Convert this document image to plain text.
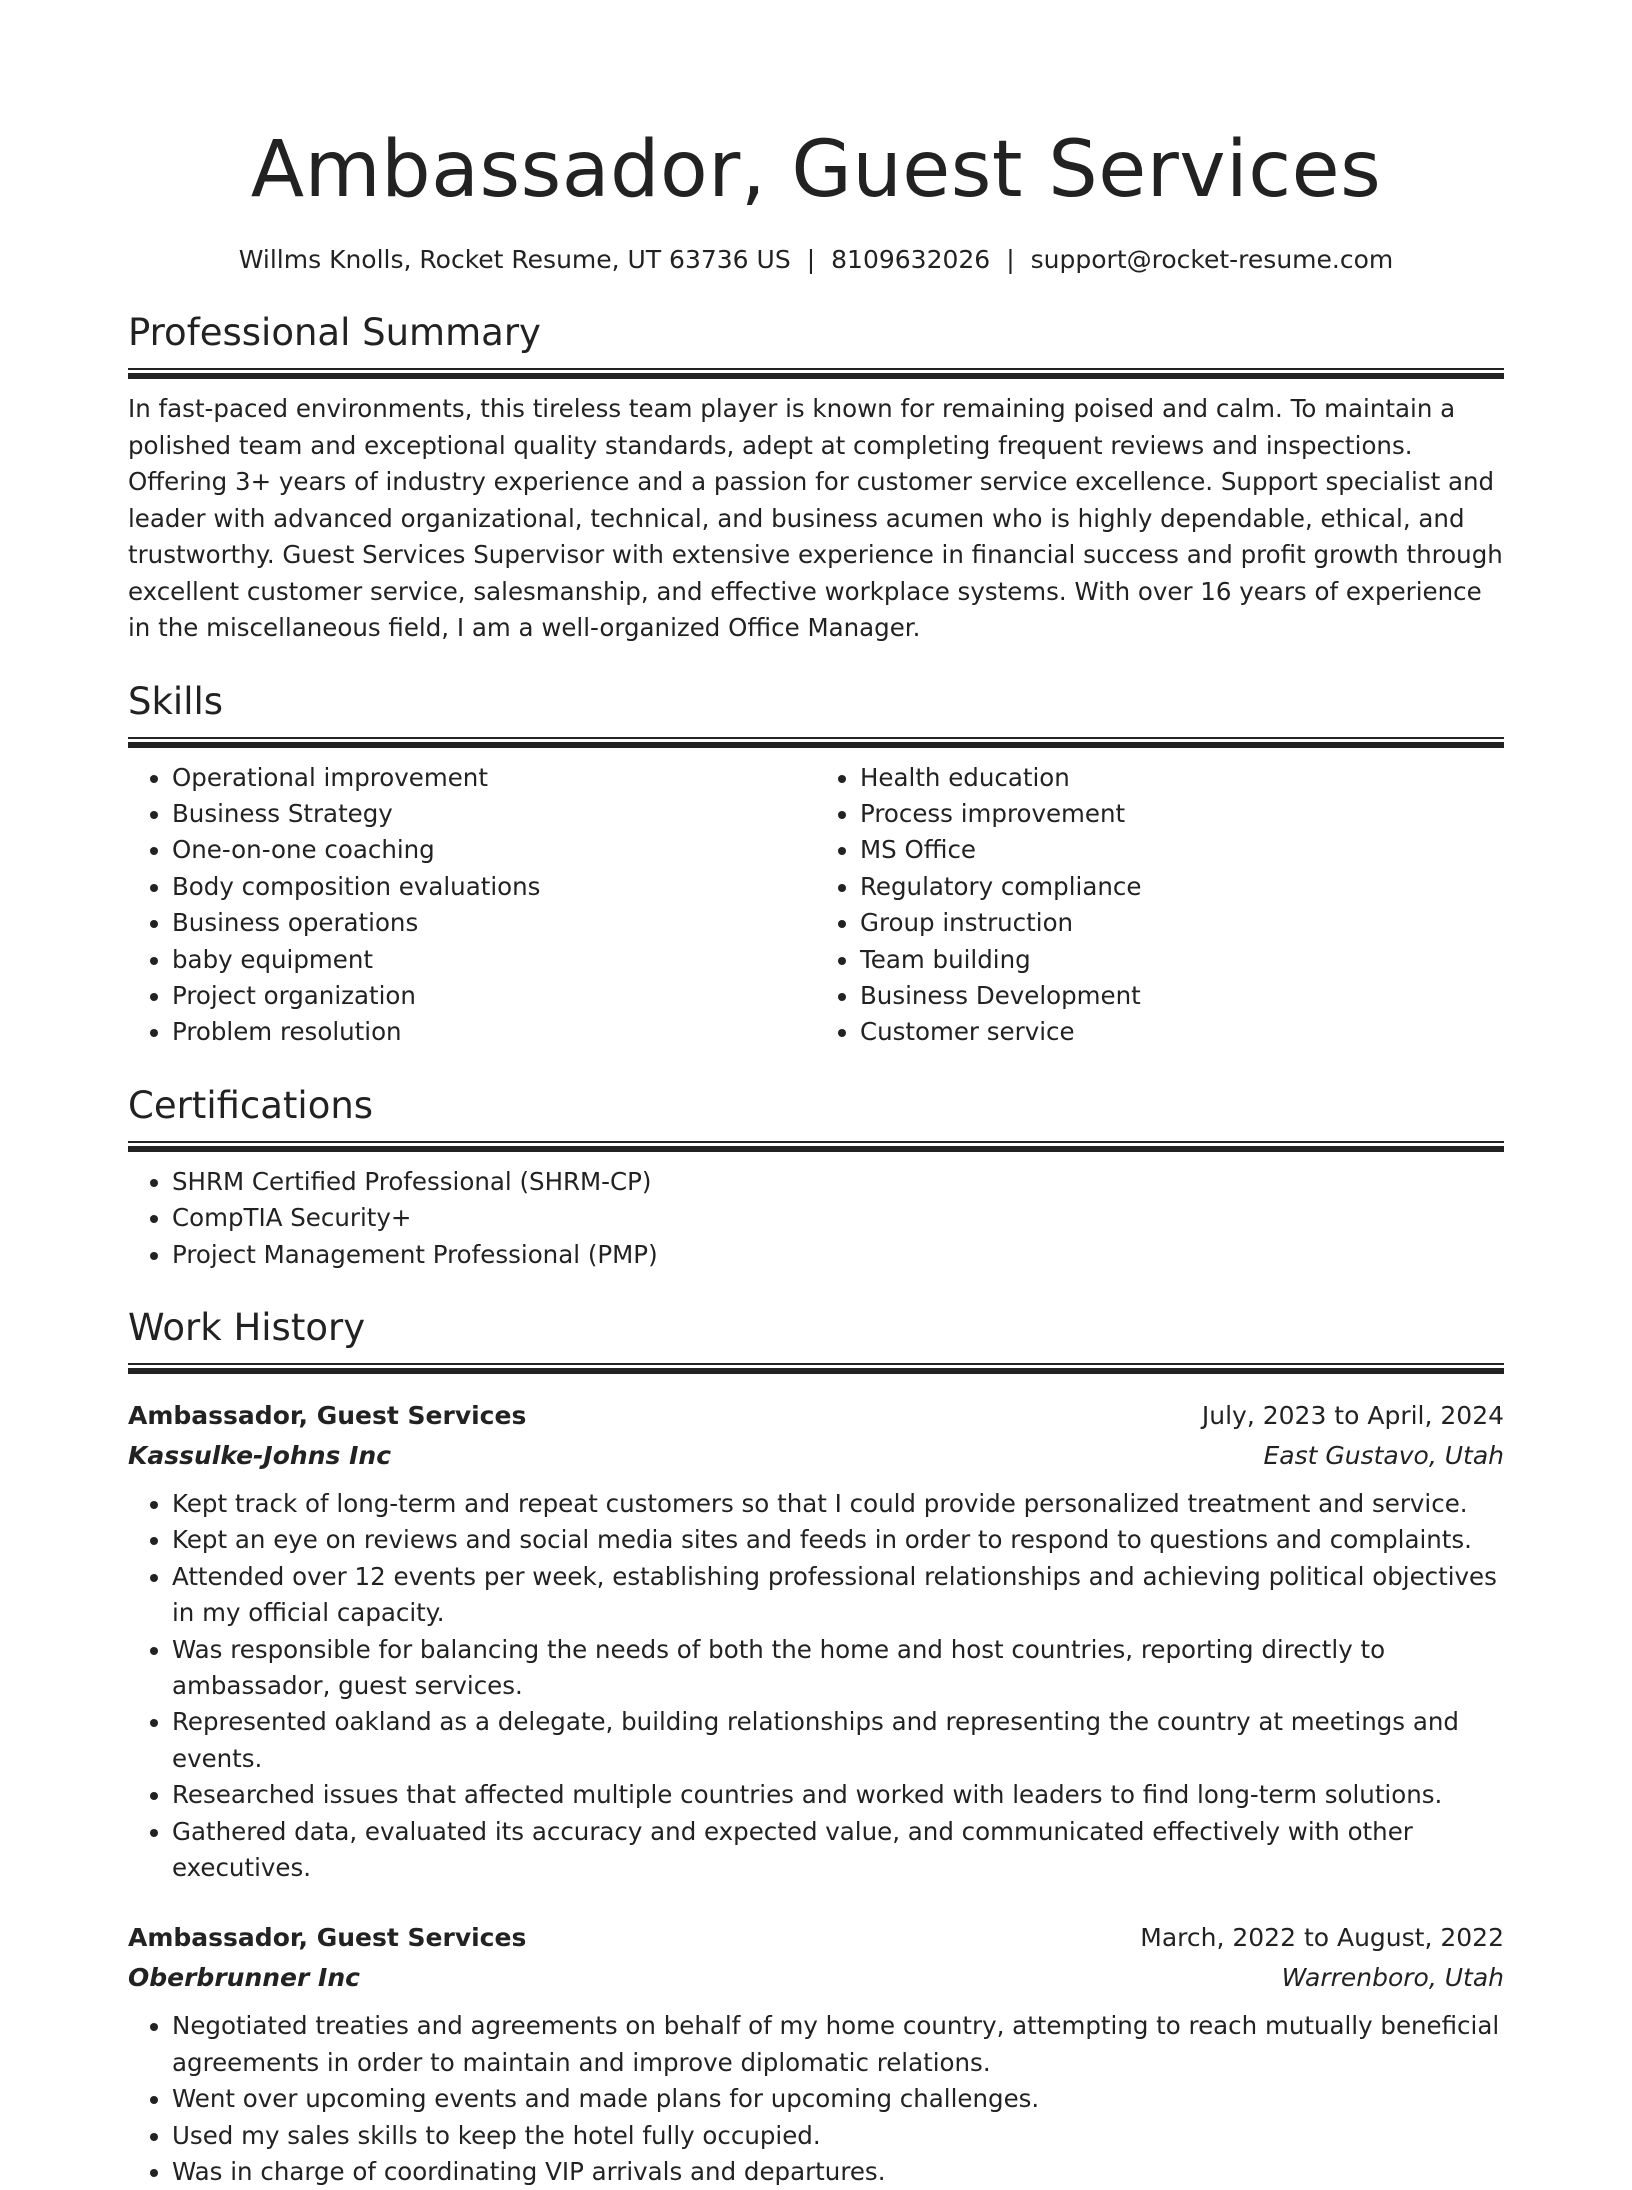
Ambassador, Guest Services
Willms Knolls, Rocket Resume, UT 63736 US | 8109632026 | support@rocket-resume.com
Professional Summary
In fast-paced environments, this tireless team player is known for remaining poised and calm. To maintain a polished team and exceptional quality standards, adept at completing frequent reviews and inspections. Offering 3+ years of industry experience and a passion for customer service excellence. Support specialist and leader with advanced organizational, technical, and business acumen who is highly dependable, ethical, and trustworthy. Guest Services Supervisor with extensive experience in financial success and profit growth through excellent customer service, salesmanship, and effective workplace systems. With over 16 years of experience in the miscellaneous field, I am a well-organized Office Manager.
Skills
• Operational improvement
• Business Strategy
• One-on-one coaching
• Body composition evaluations
• Business operations
• baby equipment
• Project organization
• Problem resolution
• Health education
• Process improvement
• MS Office
• Regulatory compliance
• Group instruction
• Team building
• Business Development
• Customer service
Certifications
• SHRM Certified Professional (SHRM-CP)
• CompTIA Security+
• Project Management Professional (PMP)
Work History
Ambassador, Guest Services	July, 2023 to April, 2024
Kassulke-Johns Inc	East Gustavo, Utah
• Kept track of long-term and repeat customers so that I could provide personalized treatment and service.
• Kept an eye on reviews and social media sites and feeds in order to respond to questions and complaints.
• Attended over 12 events per week, establishing professional relationships and achieving political objectives in my official capacity.
• Was responsible for balancing the needs of both the home and host countries, reporting directly to ambassador, guest services.
• Represented oakland as a delegate, building relationships and representing the country at meetings and events.
• Researched issues that affected multiple countries and worked with leaders to find long-term solutions.
• Gathered data, evaluated its accuracy and expected value, and communicated effectively with other executives.
Ambassador, Guest Services	March, 2022 to August, 2022
Oberbrunner Inc	Warrenboro, Utah
• Negotiated treaties and agreements on behalf of my home country, attempting to reach mutually beneficial agreements in order to maintain and improve diplomatic relations.
• Went over upcoming events and made plans for upcoming challenges.
• Used my sales skills to keep the hotel fully occupied.
• Was in charge of coordinating VIP arrivals and departures.
